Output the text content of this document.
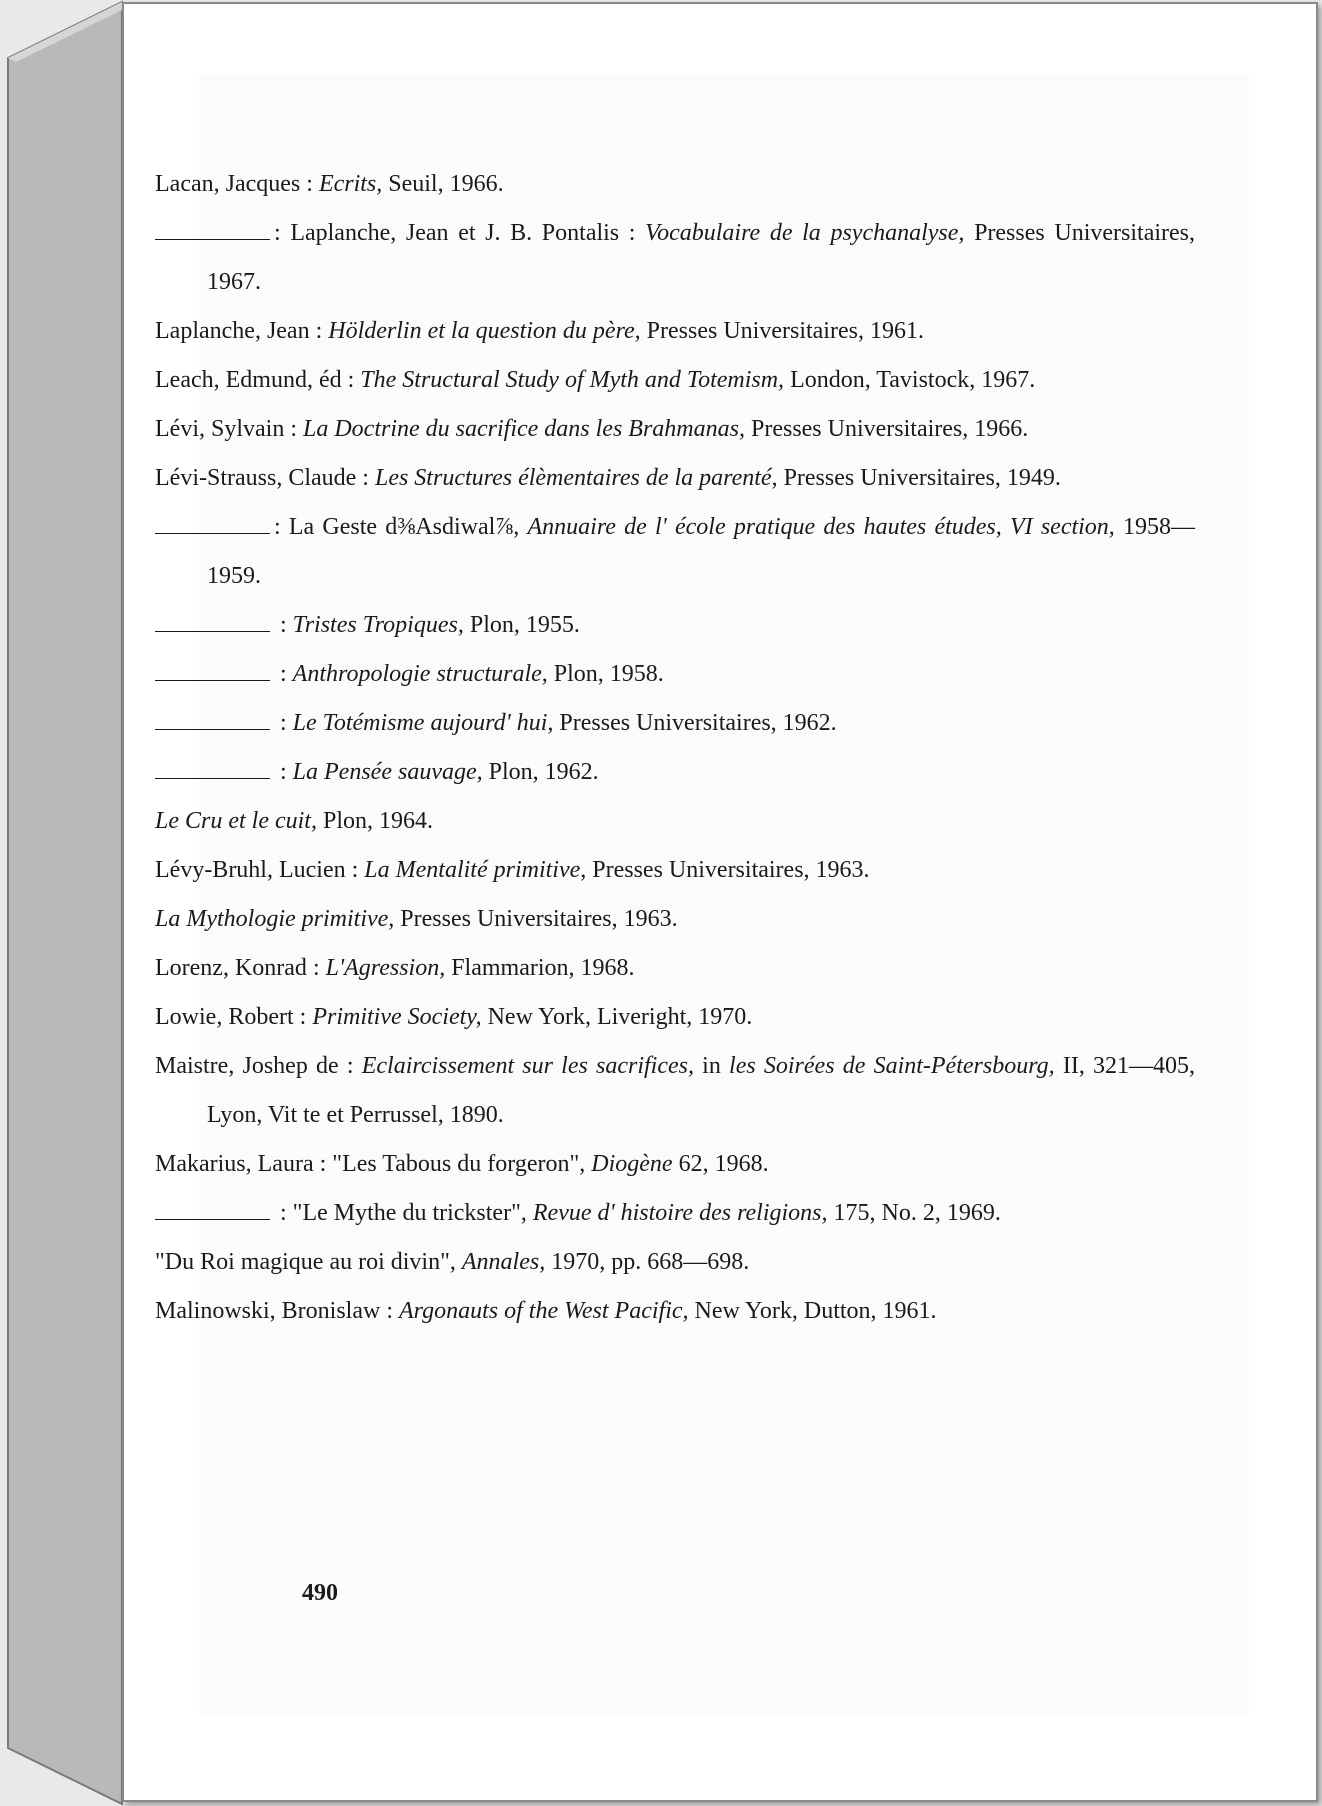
Lacan, Jacques : Ecrits, Seuil, 1966.
: Laplanche, Jean et J. B. Pontalis : Vocabulaire de la psychanalyse, Presses Universitaires, 1967.
Laplanche, Jean : Hölderlin et la question du père, Presses Universitaires, 1961.
Leach, Edmund, éd : The Structural Study of Myth and Totemism, London, Tavistock, 1967.
Lévi, Sylvain : La Doctrine du sacrifice dans les Brahmanas, Presses Universitaires, 1966.
Lévi-Strauss, Claude : Les Structures élèmentaires de la parenté, Presses Universitaires, 1949.
: La Geste d⅜Asdiwal⅞, Annuaire de l' école pratique des hautes études, VI section, 1958—1959.
: Tristes Tropiques, Plon, 1955.
: Anthropologie structurale, Plon, 1958.
: Le Totémisme aujourd' hui, Presses Universitaires, 1962.
: La Pensée sauvage, Plon, 1962.
Le Cru et le cuit, Plon, 1964.
Lévy-Bruhl, Lucien : La Mentalité primitive, Presses Universitaires, 1963.
La Mythologie primitive, Presses Universitaires, 1963.
Lorenz, Konrad : L'Agression, Flammarion, 1968.
Lowie, Robert : Primitive Society, New York, Liveright, 1970.
Maistre, Joshep de : Eclaircissement sur les sacrifices, in les Soirées de Saint-Pétersbourg, II, 321—405, Lyon, Vit te et Perrussel, 1890.
Makarius, Laura : "Les Tabous du forgeron", Diogène 62, 1968.
: "Le Mythe du trickster", Revue d' histoire des religions, 175, No. 2, 1969.
"Du Roi magique au roi divin", Annales, 1970, pp. 668—698.
Malinowski, Bronislaw : Argonauts of the West Pacific, New York, Dutton, 1961.
490
